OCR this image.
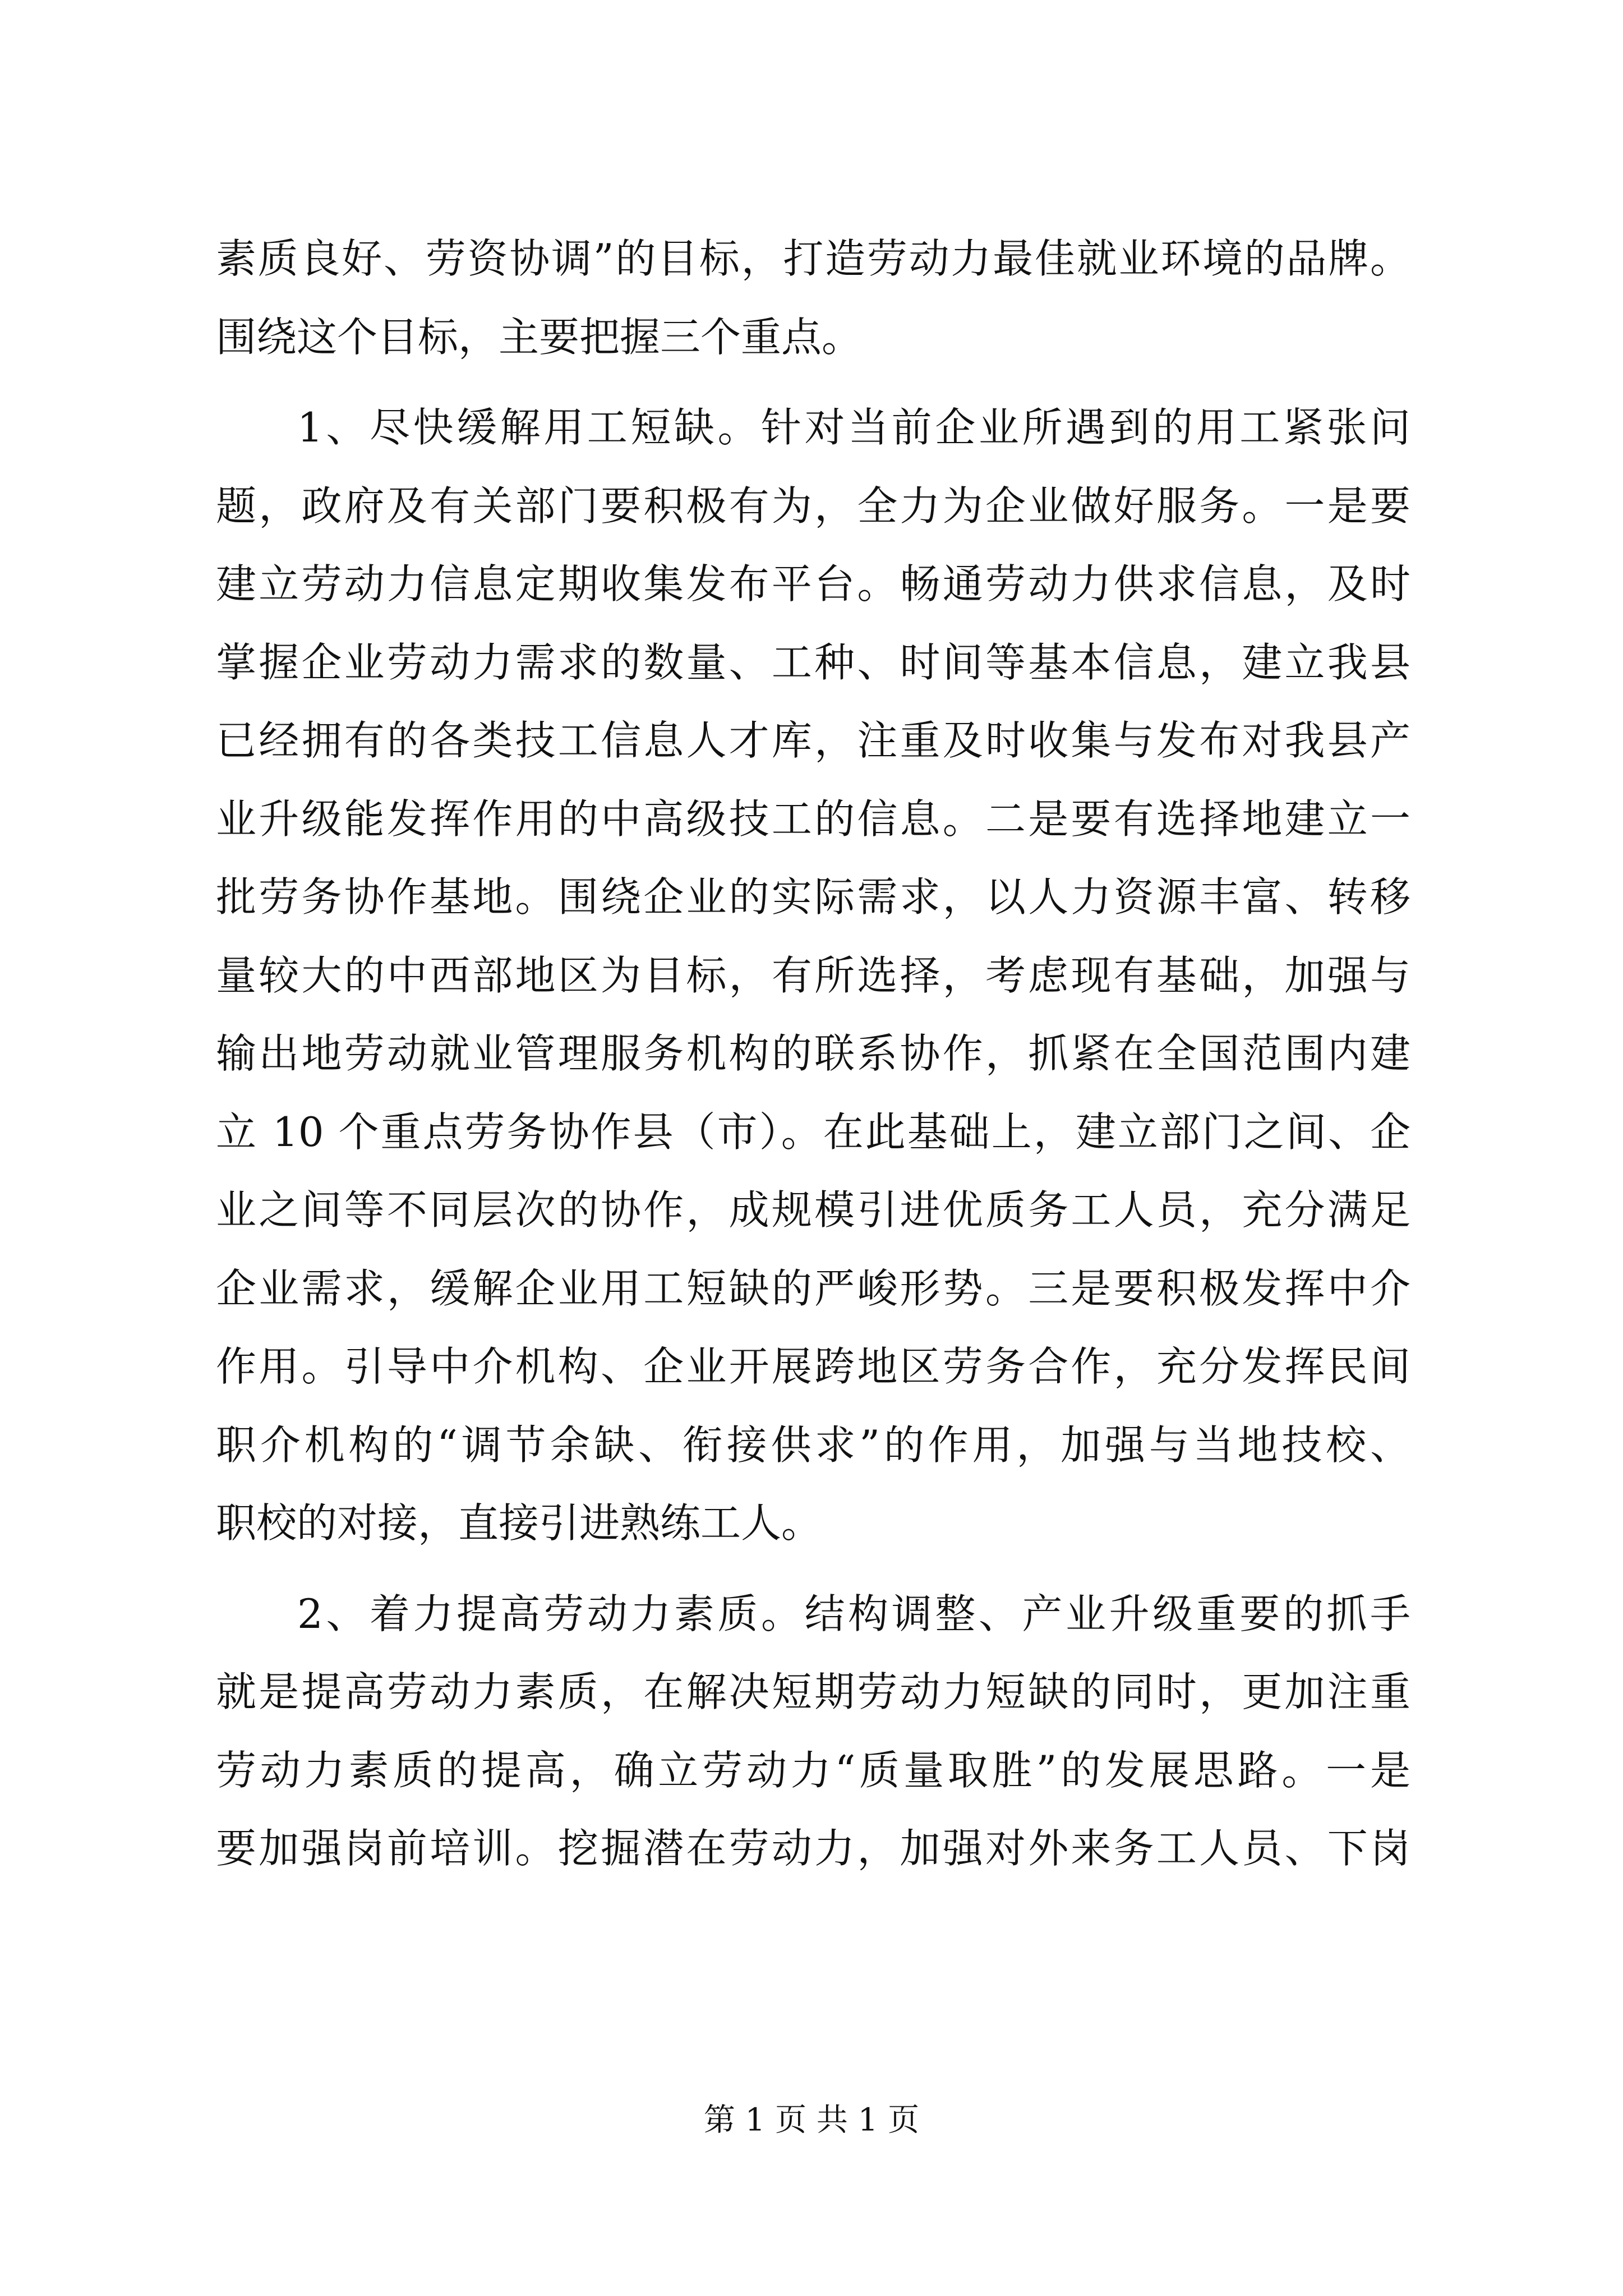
素质良好、劳资协调”的目标，打造劳动力最佳就业环境的品牌。
围绕这个目标，主要把握三个重点。
1、尽快缓解用工短缺。针对当前企业所遇到的用工紧张问
题，政府及有关部门要积极有为，全力为企业做好服务。一是要
建立劳动力信息定期收集发布平台。畅通劳动力供求信息，及时
掌握企业劳动力需求的数量、工种、时间等基本信息，建立我县
已经拥有的各类技工信息人才库，注重及时收集与发布对我县产
业升级能发挥作用的中高级技工的信息。二是要有选择地建立一
批劳务协作基地。围绕企业的实际需求，以人力资源丰富、转移
量较大的中西部地区为目标，有所选择，考虑现有基础，加强与
输出地劳动就业管理服务机构的联系协作，抓紧在全国范围内建
立 10 个重点劳务协作县（市）。在此基础上，建立部门之间、企
业之间等不同层次的协作，成规模引进优质务工人员，充分满足
企业需求，缓解企业用工短缺的严峻形势。三是要积极发挥中介
作用。引导中介机构、企业开展跨地区劳务合作，充分发挥民间
职介机构的“调节余缺、衔接供求”的作用，加强与当地技校、
职校的对接，直接引进熟练工人。
2、着力提高劳动力素质。结构调整、产业升级重要的抓手
就是提高劳动力素质，在解决短期劳动力短缺的同时，更加注重
劳动力素质的提高，确立劳动力“质量取胜”的发展思路。一是
要加强岗前培训。挖掘潜在劳动力，加强对外来务工人员、下岗
第 1 页 共 1 页
